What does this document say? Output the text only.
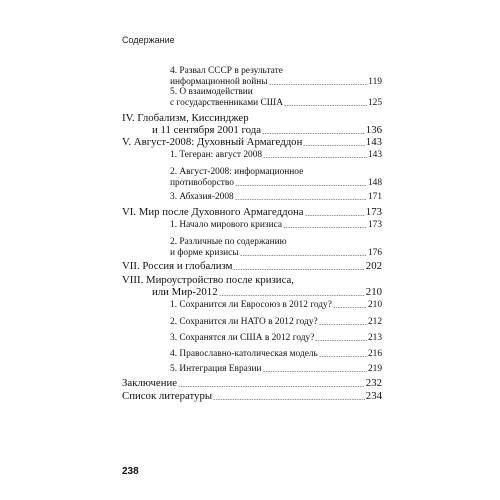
Содержание
4. Развал СССР в результате
информационной войны	119
5. О взаимодействии
с государственниками США	125
IV. Глобализм, Киссинджер
и 11 сентября 2001 года	136
V. Август-2008: Духовный Армагеддон	143
1. Тегеран: август 2008	143
2. Август-2008: информационное
противоборство	148
3. Абхазия-2008	171
VI. Мир после Духовного Армагеддона	173
1. Начало мирового кризиса	173
2. Различные по содержанию
и форме кризисы	176
VII. Россия и глобализм	202
VIII. Мироустройство после кризиса,
или Мир-2012	210
1. Сохранится ли Евросоюз в 2012 году?	210
2. Сохранится ли НАТО в 2012 году?	212
3. Сохранятся ли США в 2012 году?	213
4. Православно-католическая модель	216
5. Интеграция Евразии	219
Заключение	232
Список литературы	234
238
